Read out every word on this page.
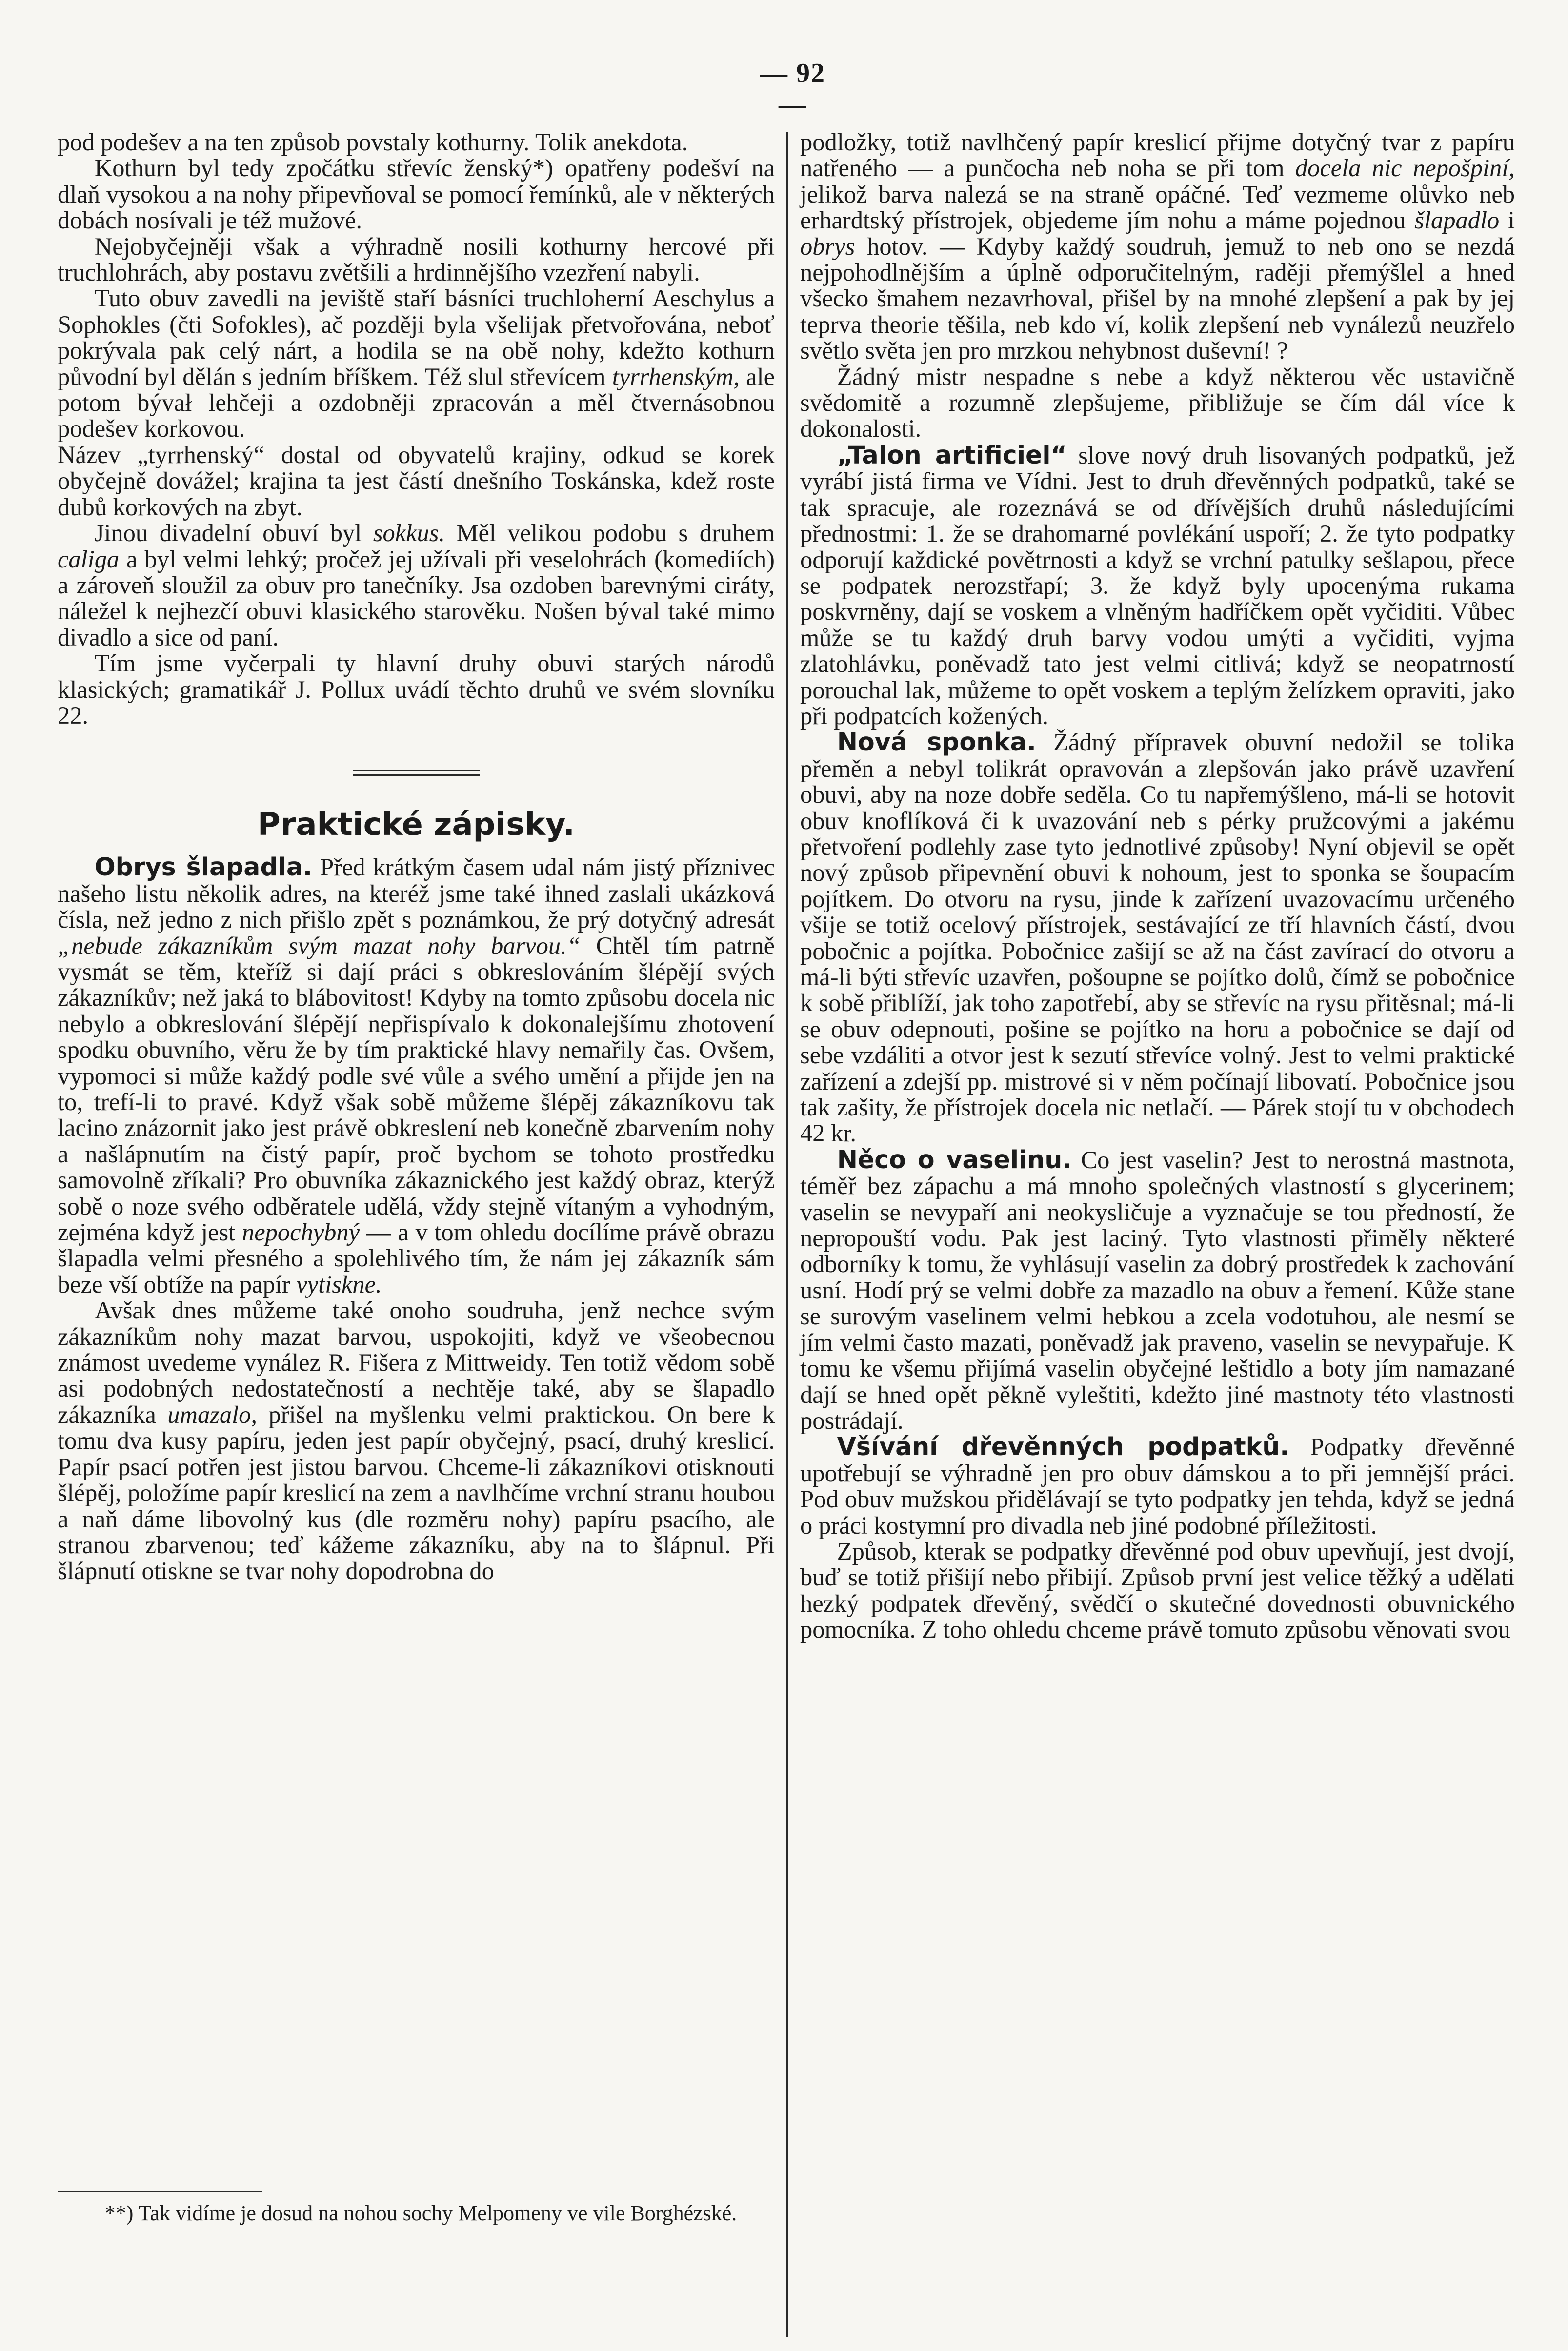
— 92 —

pod podešev a na ten způsob povstaly kothurny. Tolik anekdota.

Kothurn byl tedy zpočátku střevíc ženský*) opatřeny podešví na dlaň vysokou a na nohy připevňoval se pomocí řemínků, ale v některých dobách nosívali je též mužové.

Nejobyčejněji však a výhradně nosili kothurny hercové při truchlohrách, aby postavu zvětšili a hrdinnějšího vzezření nabyli.

Tuto obuv zavedli na jeviště staří básníci truchloherní Aeschylus a Sophokles (čti Sofokles), ač později byla všelijak přetvořována, neboť pokrývala pak celý nárt, a hodila se na obě nohy, kdežto kothurn původní byl dělán s jedním bříškem. Též slul střevícem tyrrhenským, ale potom bývał lehčeji a ozdobněji zpracován a měl čtvernásobnou podešev korkovou.

Název „tyrrhenský“ dostal od obyvatelů krajiny, odkud se korek obyčejně dovážel; krajina ta jest částí dnešního Toskánska, kdež roste dubů korkových na zbyt.

Jinou divadelní obuví byl sokkus. Měl velikou podobu s druhem caliga a byl velmi lehký; pročež jej užívali při veselohrách (komediích) a zároveň sloužil za obuv pro tanečníky. Jsa ozdoben barevnými ciráty, náležel k nejhezčí obuvi klasického starověku. Nošen býval také mimo divadlo a sice od paní.

Tím jsme vyčerpali ty hlavní druhy obuvi starých národů klasických; gramatikář J. Pollux uvádí těchto druhů ve svém slovníku 22.

Praktické zápisky.

Obrys šlapadla. Před krátkým časem udal nám jistý příznivec našeho listu několik adres, na kteréž jsme také ihned zaslali ukázková čísla, než jedno z nich přišlo zpět s poznámkou, že prý dotyčný adresát „nebude zákazníkům svým mazat nohy barvou.“ Chtěl tím patrně vysmát se těm, kteříž si dají práci s obkreslováním šlépějí svých zákazníkův; než jaká to blábovitost! Kdyby na tomto způsobu docela nic nebylo a obkreslování šlépějí nepřispívalo k dokonalejšímu zhotovení spodku obuvního, věru že by tím praktické hlavy nemařily čas. Ovšem, vypomoci si může každý podle své vůle a svého umění a přijde jen na to, trefí-li to pravé. Když však sobě můžeme šlépěj zákazníkovu tak lacino znázornit jako jest právě obkreslení neb konečně zbarvením nohy a našlápnutím na čistý papír, proč bychom se tohoto prostředku samovolně zříkali? Pro obuvníka zákaznického jest každý obraz, kterýž sobě o noze svého odběratele udělá, vždy stejně vítaným a vyhodným, zejména když jest nepochybný — a v tom ohledu docílíme právě obrazu šlapadla velmi přesného a spolehlivého tím, že nám jej zákazník sám beze vší obtíže na papír vytiskne.

Avšak dnes můžeme také onoho soudruha, jenž nechce svým zákazníkům nohy mazat barvou, uspokojiti, když ve všeobecnou známost uvedeme vynález R. Fišera z Mittweidy. Ten totiž vědom sobě asi podobných nedostatečností a nechtěje také, aby se šlapadlo zákazníka umazalo, přišel na myšlenku velmi praktickou. On bere k tomu dva kusy papíru, jeden jest papír obyčejný, psací, druhý kreslicí. Papír psací potřen jest jistou barvou. Chceme-li zákazníkovi otisknouti šlépěj, položíme papír kreslicí na zem a navlhčíme vrchní stranu houbou a naň dáme libovolný kus (dle rozměru nohy) papíru psacího, ale stranou zbarvenou; teď kážeme zákazníku, aby na to šlápnul. Při šlápnutí otiskne se tvar nohy dopodrobna do

**) Tak vidíme je dosud na nohou sochy Melpomeny ve vile Borghézské.

podložky, totiž navlhčený papír kreslicí přijme dotyčný tvar z papíru natřeného — a punčocha neb noha se při tom docela nic nepošpiní, jelikož barva nalezá se na straně opáčné. Teď vezmeme olůvko neb erhardtský přístrojek, objedeme jím nohu a máme pojednou šlapadlo i obrys hotov. — Kdyby každý soudruh, jemuž to neb ono se nezdá nejpohodlnějším a úplně odporučitelným, raději přemýšlel a hned všecko šmahem nezavrhoval, přišel by na mnohé zlepšení a pak by jej teprva theorie těšila, neb kdo ví, kolik zlepšení neb vynálezů neuzřelo světlo světa jen pro mrzkou nehybnost duševní! ?

Žádný mistr nespadne s nebe a když některou věc ustavičně svědomitě a rozumně zlepšujeme, přibližuje se čím dál více k dokonalosti.

„Talon artificiel“ slove nový druh lisovaných podpatků, jež vyrábí jistá firma ve Vídni. Jest to druh dřevěnných podpatků, také se tak spracuje, ale rozeznává se od dřívějších druhů následujícími přednostmi: 1. že se drahomarné povlékání uspoří; 2. že tyto podpatky odporují každické povětrnosti a když se vrchní patulky sešlapou, přece se podpatek nerozstřapí; 3. že když byly upocenýma rukama poskvrněny, dají se voskem a vlněným hadříčkem opět vyčiditi. Vůbec může se tu každý druh barvy vodou umýti a vyčiditi, vyjma zlatohlávku, poněvadž tato jest velmi citlivá; když se neopatrností porouchal lak, můžeme to opět voskem a teplým želízkem opraviti, jako při podpatcích kožených.

Nová sponka. Žádný přípravek obuvní nedožil se tolika přeměn a nebyl tolikrát opravován a zlepšován jako právě uzavření obuvi, aby na noze dobře seděla. Co tu napřemýšleno, má-li se hotovit obuv knoflíková či k uvazování neb s pérky pružcovými a jakému přetvoření podlehly zase tyto jednotlivé způsoby! Nyní objevil se opět nový způsob připevnění obuvi k nohoum, jest to sponka se šoupacím pojítkem. Do otvoru na rysu, jinde k zařízení uvazovacímu určeného všije se totiž ocelový přístrojek, sestávající ze tří hlavních částí, dvou pobočnic a pojítka. Pobočnice zašijí se až na část zavírací do otvoru a má-li býti střevíc uzavřen, pošoupne se pojítko dolů, čímž se pobočnice k sobě přiblíží, jak toho zapotřebí, aby se střevíc na rysu přitěsnal; má-li se obuv odepnouti, pošine se pojítko na horu a pobočnice se dají od sebe vzdáliti a otvor jest k sezutí střevíce volný. Jest to velmi praktické zařízení a zdejší pp. mistrové si v něm počínají libovatí. Pobočnice jsou tak zašity, že přístrojek docela nic netlačí. — Párek stojí tu v obchodech 42 kr.

Něco o vaselinu. Co jest vaselin? Jest to nerostná mastnota, téměř bez zápachu a má mnoho společných vlastností s glycerinem; vaselin se nevypaří ani neokysličuje a vyznačuje se tou předností, že nepropouští vodu. Pak jest laciný. Tyto vlastnosti přiměly některé odborníky k tomu, že vyhlásují vaselin za dobrý prostředek k zachování usní. Hodí prý se velmi dobře za mazadlo na obuv a řemení. Kůže stane se surovým vaselinem velmi hebkou a zcela vodotuhou, ale nesmí se jím velmi často mazati, poněvadž jak praveno, vaselin se nevypařuje. K tomu ke všemu přijímá vaselin obyčejné leštidlo a boty jím namazané dají se hned opět pěkně vyleštiti, kdežto jiné mastnoty této vlastnosti postrádají.

Všívání dřevěnných podpatků. Podpatky dřevěnné upotřebují se výhradně jen pro obuv dámskou a to při jemnější práci. Pod obuv mužskou přidělávají se tyto podpatky jen tehda, když se jedná o práci kostymní pro divadla neb jiné podobné příležitosti.

Způsob, kterak se podpatky dřevěnné pod obuv upevňují, jest dvojí, buď se totiž přišijí nebo přibijí. Způsob první jest velice těžký a udělati hezký podpatek dřevěný, svědčí o skutečné dovednosti obuvnického pomocníka. Z toho ohledu chceme právě tomuto způsobu věnovati svou
